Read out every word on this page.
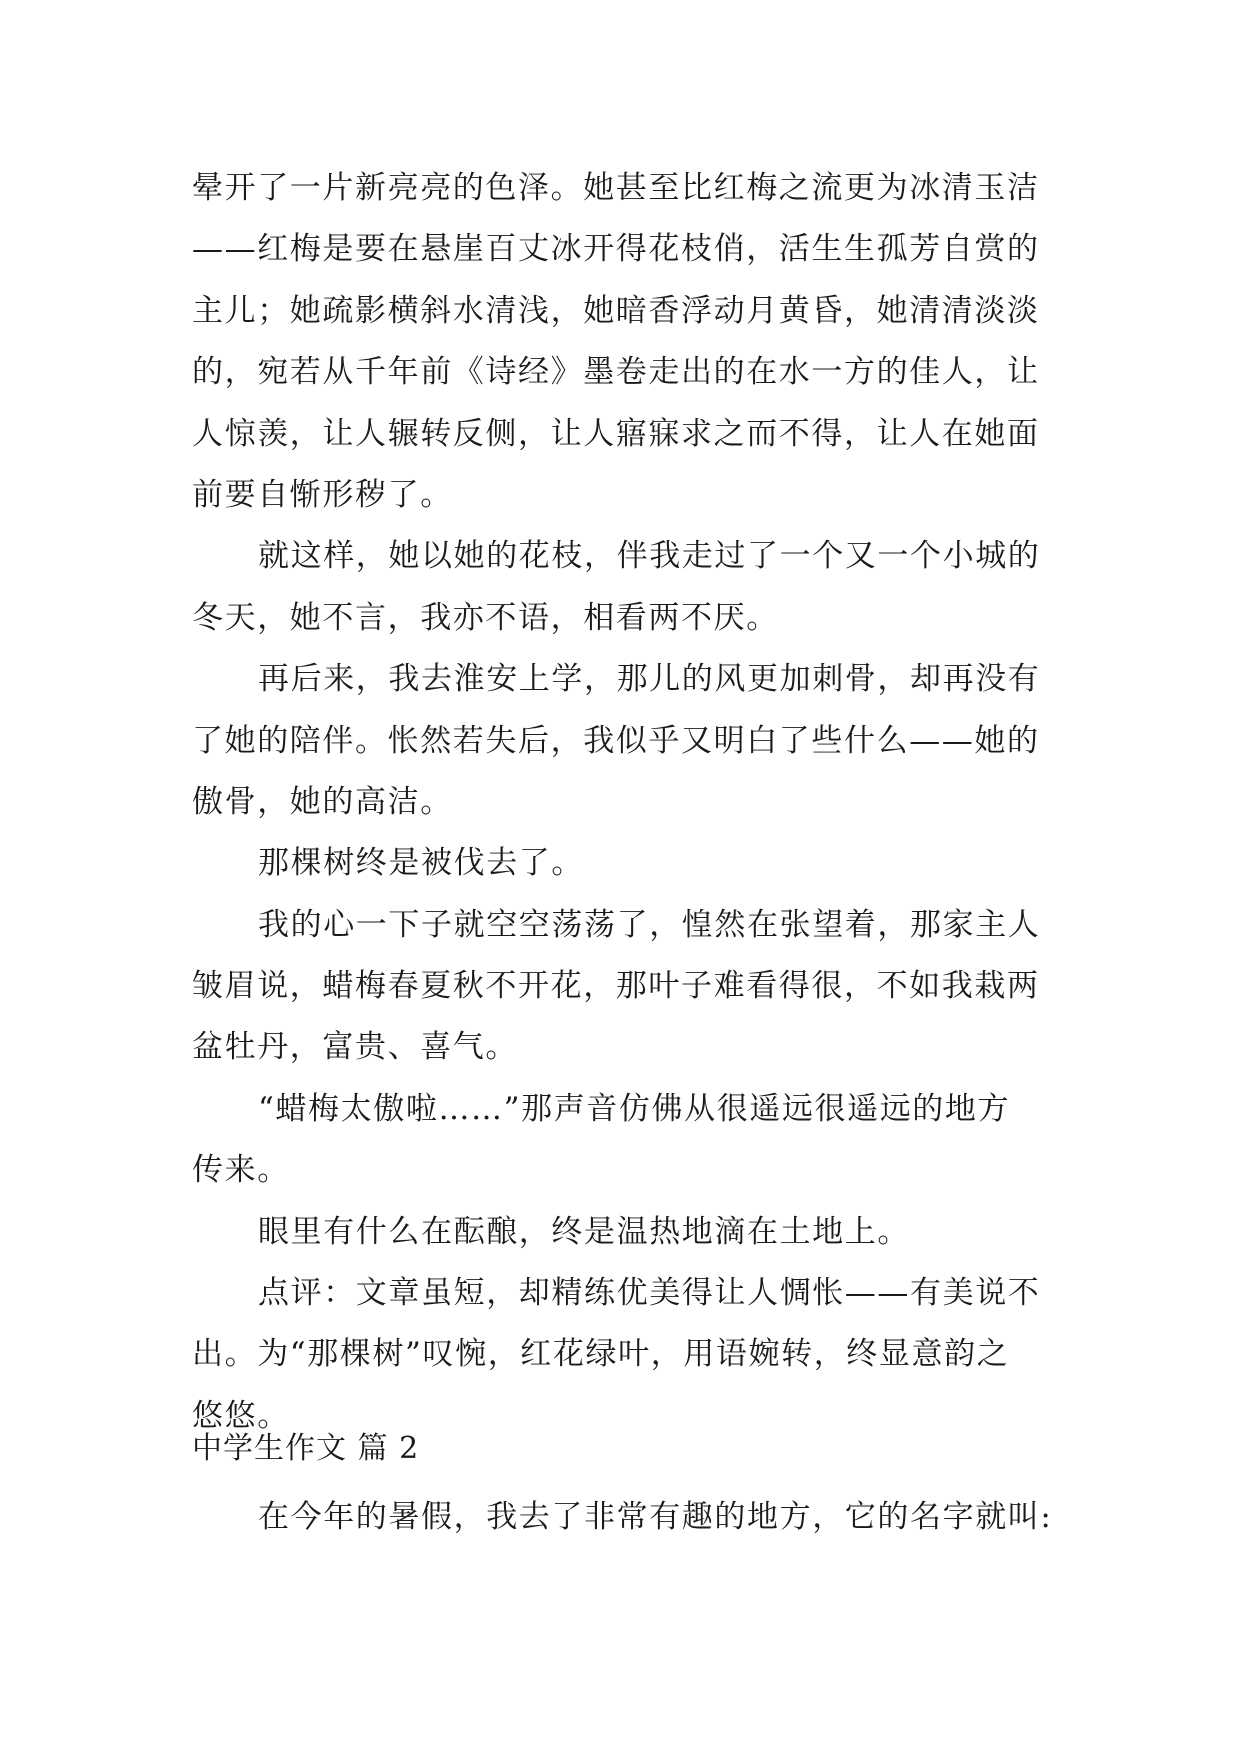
晕开了一片新亮亮的色泽。她甚至比红梅之流更为冰清玉洁
——红梅是要在悬崖百丈冰开得花枝俏，活生生孤芳自赏的
主儿；她疏影横斜水清浅，她暗香浮动月黄昏，她清清淡淡
的，宛若从千年前《诗经》墨卷走出的在水一方的佳人，让
人惊羡，让人辗转反侧，让人寤寐求之而不得，让人在她面
前要自惭形秽了。
就这样，她以她的花枝，伴我走过了一个又一个小城的
冬天，她不言，我亦不语，相看两不厌。
再后来，我去淮安上学，那儿的风更加刺骨，却再没有
了她的陪伴。怅然若失后，我似乎又明白了些什么——她的
傲骨，她的高洁。
那棵树终是被伐去了。
我的心一下子就空空荡荡了，惶然在张望着，那家主人
皱眉说，蜡梅春夏秋不开花，那叶子难看得很，不如我栽两
盆牡丹，富贵、喜气。
“蜡梅太傲啦……”那声音仿佛从很遥远很遥远的地方
传来。
眼里有什么在酝酿，终是温热地滴在土地上。
点评：文章虽短，却精练优美得让人惆怅——有美说不
出。为“那棵树”叹惋，红花绿叶，用语婉转，终显意韵之
悠悠。
中学生作文 篇 2
在今年的暑假，我去了非常有趣的地方，它的名字就叫:
